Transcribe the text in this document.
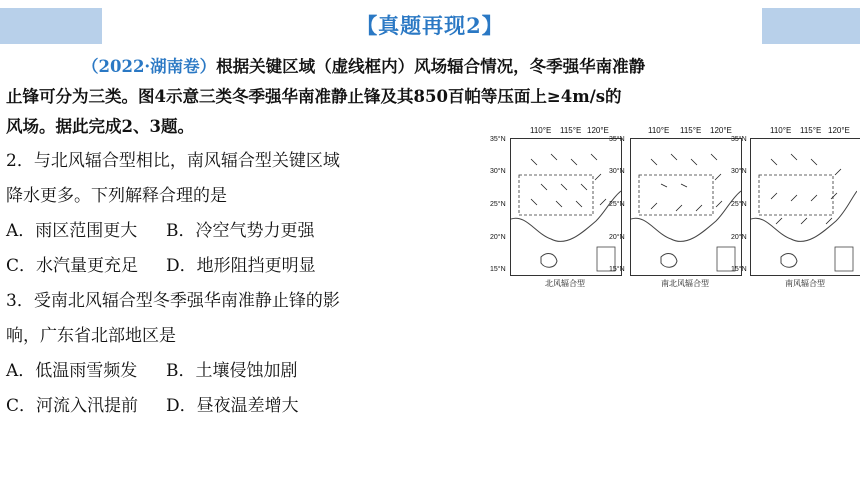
【真题再现2】
（2022·湖南卷）根据关键区域（虚线框内）风场辐合情况，冬季强华南准静
止锋可分为三类。图4示意三类冬季强华南准静止锋及其850百帕等压面上≥4m/s的
风场。据此完成2、3题。
2．与北风辐合型相比，南风辐合型关键区域
降水更多。下列解释合理的是
A．雨区范围更大	B．冷空气势力更强
C．水汽量更充足	D．地形阻挡更明显
3．受南北风辐合型冬季强华南准静止锋的影
响，广东省北部地区是
A．低温雨雪频发	B．土壤侵蚀加剧
C．河流入汛提前	D．昼夜温差增大
110°E 115°E 120°E
35°N
30°N
25°N
20°N
15°N
北风辐合型
110°E 115°E 120°E
35°N
30°N
25°N
20°N
15°N
南北风辐合型
110°E 115°E 120°E
35°N
30°N
25°N
20°N
15°N
南风辐合型
